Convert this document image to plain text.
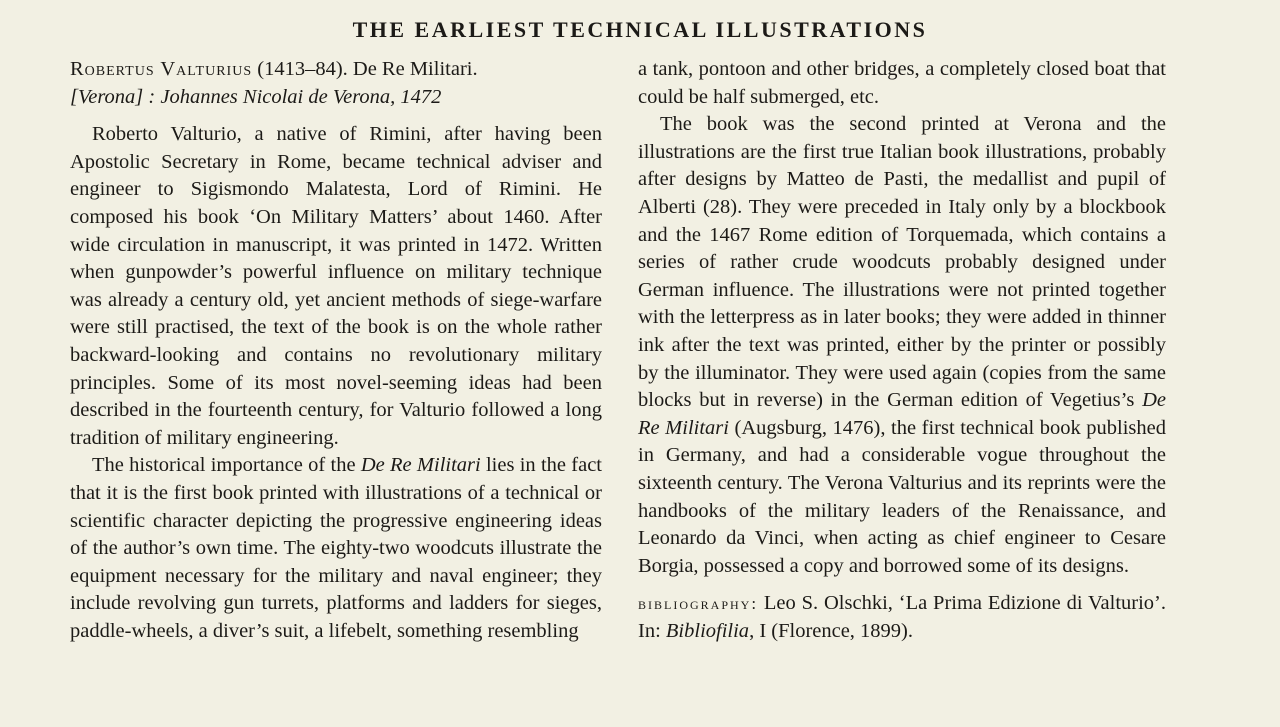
THE EARLIEST TECHNICAL ILLUSTRATIONS
Robertus Valturius (1413–84). De Re Militari.
[Verona] : Johannes Nicolai de Verona, 1472

Roberto Valturio, a native of Rimini, after having been Apostolic Secretary in Rome, became technical adviser and engineer to Sigismondo Malatesta, Lord of Rimini. He composed his book ‘On Military Matters’ about 1460. After wide circulation in manuscript, it was printed in 1472. Written when gunpowder’s powerful influence on military technique was already a century old, yet ancient methods of siege-warfare were still practised, the text of the book is on the whole rather backward-looking and contains no revolutionary military principles. Some of its most novel-seeming ideas had been described in the fourteenth century, for Valturio followed a long tradition of military engineering.

The historical importance of the De Re Militari lies in the fact that it is the first book printed with illustrations of a technical or scientific character depicting the progressive engineering ideas of the author’s own time. The eighty-two woodcuts illustrate the equipment necessary for the military and naval engineer; they include revolving gun turrets, platforms and ladders for sieges, paddle-wheels, a diver’s suit, a lifebelt, something resembling

a tank, pontoon and other bridges, a completely closed boat that could be half submerged, etc.

The book was the second printed at Verona and the illustrations are the first true Italian book illustrations, probably after designs by Matteo de Pasti, the medallist and pupil of Alberti (28). They were preceded in Italy only by a blockbook and the 1467 Rome edition of Torquemada, which contains a series of rather crude woodcuts probably designed under German influence. The illustrations were not printed together with the letterpress as in later books; they were added in thinner ink after the text was printed, either by the printer or possibly by the illuminator. They were used again (copies from the same blocks but in reverse) in the German edition of Vegetius’s De Re Militari (Augsburg, 1476), the first technical book published in Germany, and had a considerable vogue throughout the sixteenth century. The Verona Valturius and its reprints were the handbooks of the military leaders of the Renaissance, and Leonardo da Vinci, when acting as chief engineer to Cesare Borgia, possessed a copy and borrowed some of its designs.

bibliography: Leo S. Olschki, ‘La Prima Edizione di Valturio’. In: Bibliofilia, I (Florence, 1899).
